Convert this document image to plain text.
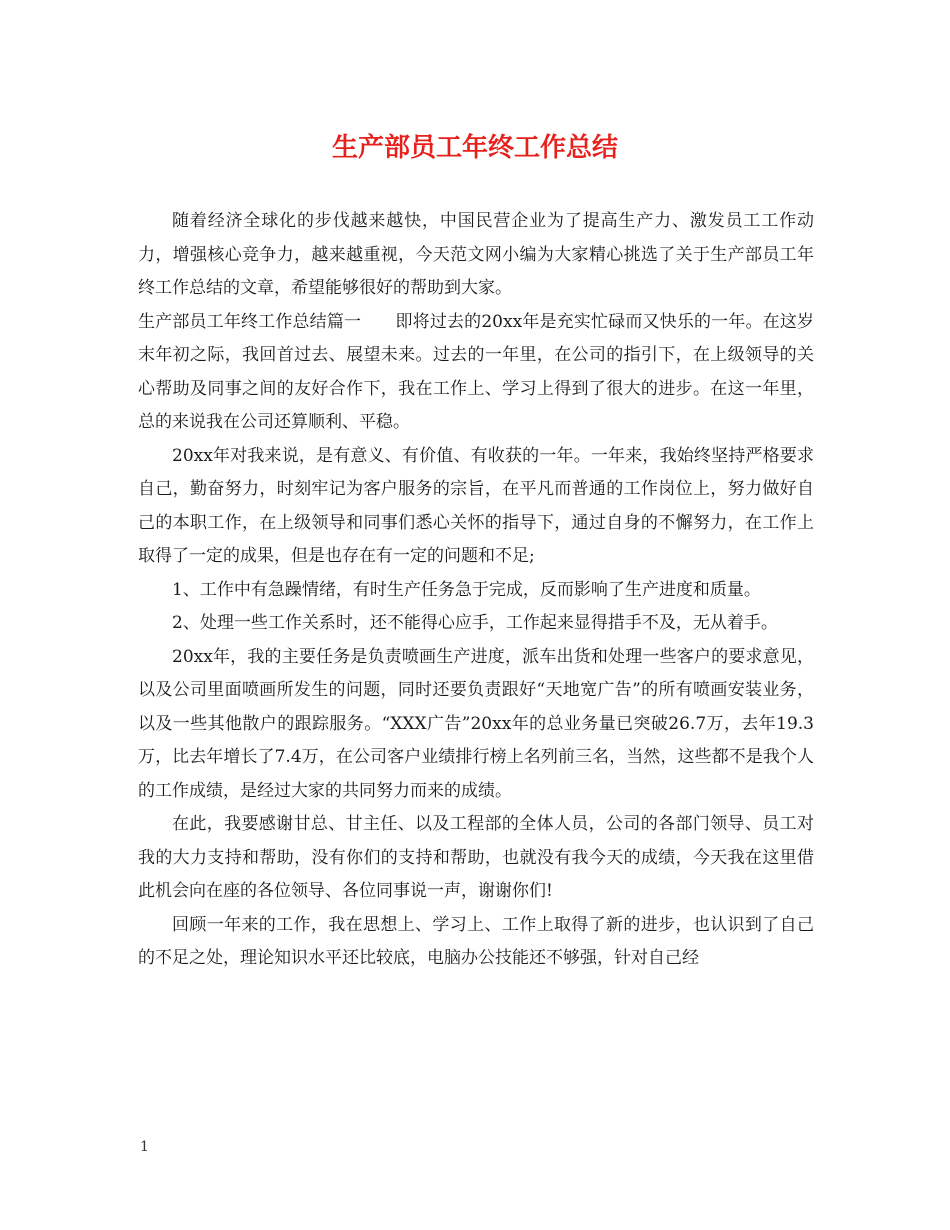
生产部员工年终工作总结

随着经济全球化的步伐越来越快，中国民营企业为了提高生产力、激发员工工作动力，增强核心竞争力，越来越重视，今天范文网小编为大家精心挑选了关于生产部员工年终工作总结的文章，希望能够很好的帮助到大家。

生产部员工年终工作总结篇一　　即将过去的20xx年是充实忙碌而又快乐的一年。在这岁末年初之际，我回首过去、展望未来。过去的一年里，在公司的指引下，在上级领导的关心帮助及同事之间的友好合作下，我在工作上、学习上得到了很大的进步。在这一年里，总的来说我在公司还算顺利、平稳。

20xx年对我来说，是有意义、有价值、有收获的一年。一年来，我始终坚持严格要求自己，勤奋努力，时刻牢记为客户服务的宗旨，在平凡而普通的工作岗位上，努力做好自己的本职工作，在上级领导和同事们悉心关怀的指导下，通过自身的不懈努力，在工作上取得了一定的成果，但是也存在有一定的问题和不足;

1、工作中有急躁情绪，有时生产任务急于完成，反而影响了生产进度和质量。

2、处理一些工作关系时，还不能得心应手，工作起来显得措手不及，无从着手。

20xx年，我的主要任务是负责喷画生产进度，派车出货和处理一些客户的要求意见，以及公司里面喷画所发生的问题，同时还要负责跟好“天地宽广告”的所有喷画安装业务，以及一些其他散户的跟踪服务。“XXX广告”20xx年的总业务量已突破26.7万，去年19.3万，比去年增长了7.4万，在公司客户业绩排行榜上名列前三名，当然，这些都不是我个人的工作成绩，是经过大家的共同努力而来的成绩。

在此，我要感谢甘总、甘主任、以及工程部的全体人员，公司的各部门领导、员工对我的大力支持和帮助，没有你们的支持和帮助，也就没有我今天的成绩，今天我在这里借此机会向在座的各位领导、各位同事说一声，谢谢你们!

回顾一年来的工作，我在思想上、学习上、工作上取得了新的进步，也认识到了自己的不足之处，理论知识水平还比较底，电脑办公技能还不够强，针对自己经

1
